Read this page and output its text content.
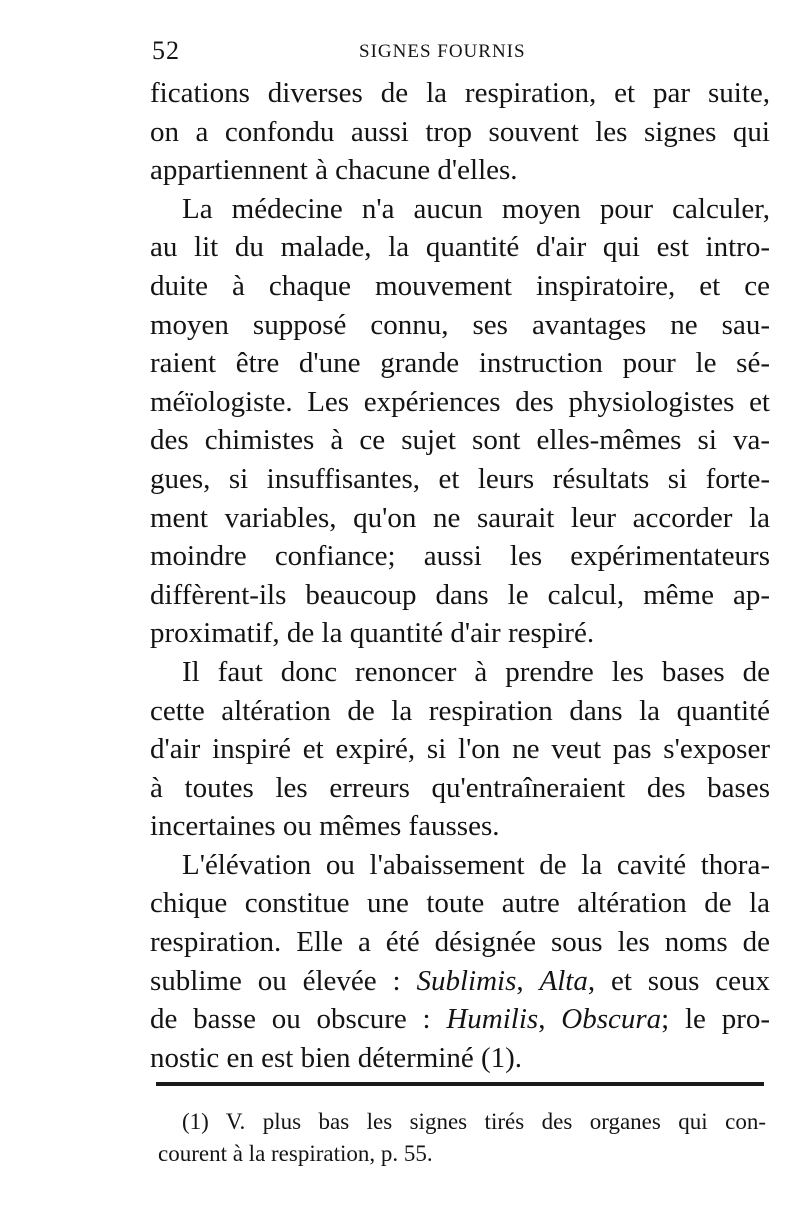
52	SIGNES FOURNIS

fications diverses de la respiration, et par suite,
on a confondu aussi trop souvent les signes qui
appartiennent à chacune d'elles.

La médecine n'a aucun moyen pour calculer,
au lit du malade, la quantité d'air qui est intro-
duite à chaque mouvement inspiratoire, et ce
moyen supposé connu, ses avantages ne sau-
raient être d'une grande instruction pour le sé-
méïologiste. Les expériences des physiologistes et
des chimistes à ce sujet sont elles-mêmes si va-
gues, si insuffisantes, et leurs résultats si forte-
ment variables, qu'on ne saurait leur accorder la
moindre confiance; aussi les expérimentateurs
diffèrent-ils beaucoup dans le calcul, même ap-
proximatif, de la quantité d'air respiré.

Il faut donc renoncer à prendre les bases de
cette altération de la respiration dans la quantité
d'air inspiré et expiré, si l'on ne veut pas s'exposer
à toutes les erreurs qu'entraîneraient des bases
incertaines ou mêmes fausses.

L'élévation ou l'abaissement de la cavité thora-
chique constitue une toute autre altération de la
respiration. Elle a été désignée sous les noms de
sublime ou élevée : Sublimis, Alta, et sous ceux
de basse ou obscure : Humilis, Obscura; le pro-
nostic en est bien déterminé (1).

(1) V. plus bas les signes tirés des organes qui con-
courent à la respiration, p. 55.
